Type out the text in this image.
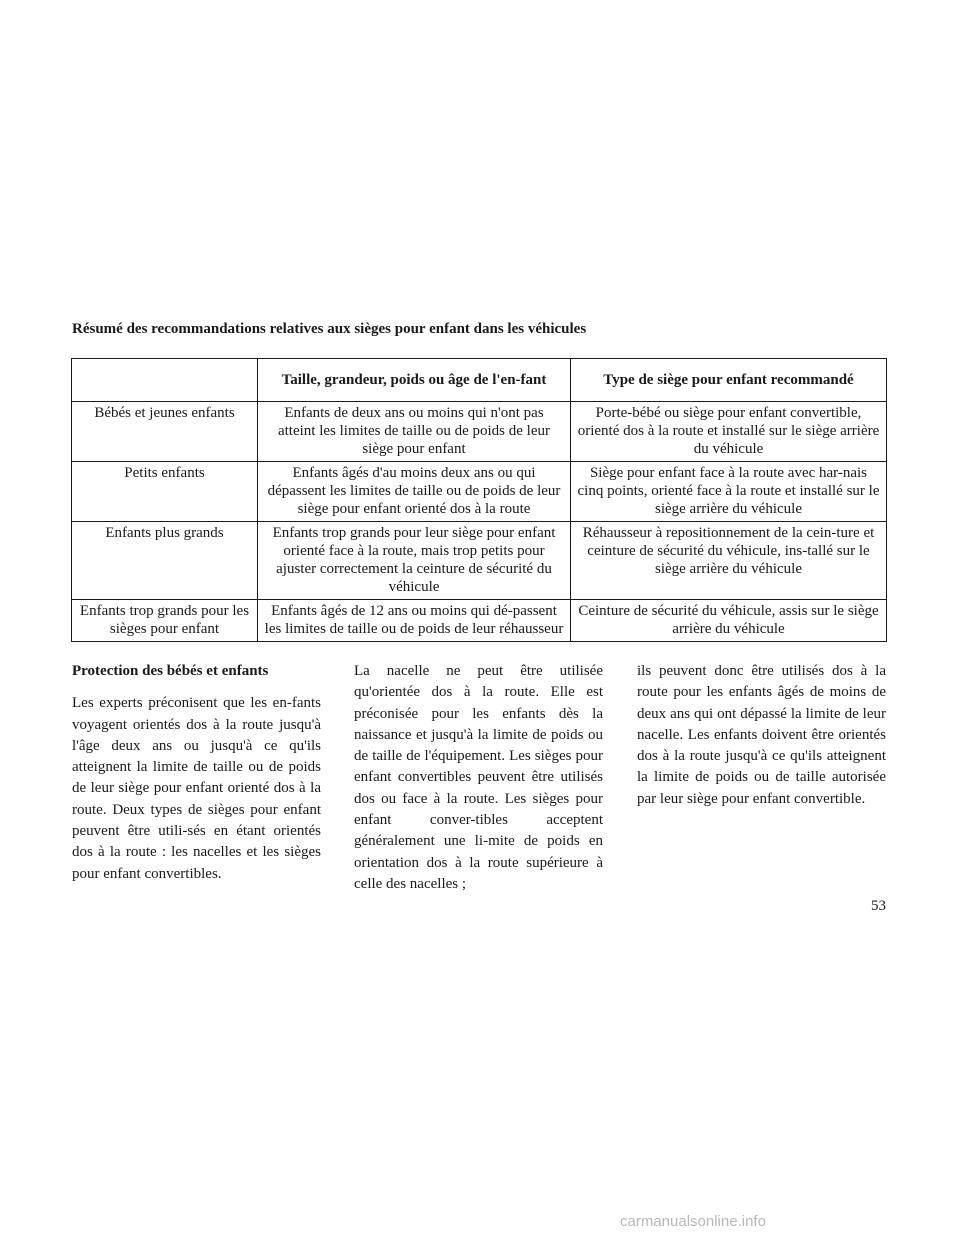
Résumé des recommandations relatives aux sièges pour enfant dans les véhicules
	Taille, grandeur, poids ou âge de l'en-fant	Type de siège pour enfant recommandé
Bébés et jeunes enfants	Enfants de deux ans ou moins qui n'ont pas atteint les limites de taille ou de poids de leur siège pour enfant	Porte-bébé ou siège pour enfant convertible, orienté dos à la route et installé sur le siège arrière du véhicule
Petits enfants	Enfants âgés d'au moins deux ans ou qui dépassent les limites de taille ou de poids de leur siège pour enfant orienté dos à la route	Siège pour enfant face à la route avec har-nais cinq points, orienté face à la route et installé sur le siège arrière du véhicule
Enfants plus grands	Enfants trop grands pour leur siège pour enfant orienté face à la route, mais trop petits pour ajuster correctement la ceinture de sécurité du véhicule	Réhausseur à repositionnement de la cein-ture et ceinture de sécurité du véhicule, ins-tallé sur le siège arrière du véhicule
Enfants trop grands pour les sièges pour enfant	Enfants âgés de 12 ans ou moins qui dé-passent les limites de taille ou de poids de leur réhausseur	Ceinture de sécurité du véhicule, assis sur le siège arrière du véhicule

Protection des bébés et enfants

Les experts préconisent que les en-fants voyagent orientés dos à la route jusqu'à l'âge deux ans ou jusqu'à ce qu'ils atteignent la limite de taille ou de poids de leur siège pour enfant orienté dos à la route. Deux types de sièges pour enfant peuvent être utili-sés en étant orientés dos à la route : les nacelles et les sièges pour enfant convertibles.

La nacelle ne peut être utilisée qu'orientée dos à la route. Elle est préconisée pour les enfants dès la naissance et jusqu'à la limite de poids ou de taille de l'équipement. Les sièges pour enfant convertibles peuvent être utilisés dos ou face à la route. Les sièges pour enfant conver-tibles acceptent généralement une li-mite de poids en orientation dos à la route supérieure à celle des nacelles ;

ils peuvent donc être utilisés dos à la route pour les enfants âgés de moins de deux ans qui ont dépassé la limite de leur nacelle. Les enfants doivent être orientés dos à la route jusqu'à ce qu'ils atteignent la limite de poids ou de taille autorisée par leur siège pour enfant convertible.

53
carmanualsonline.info
